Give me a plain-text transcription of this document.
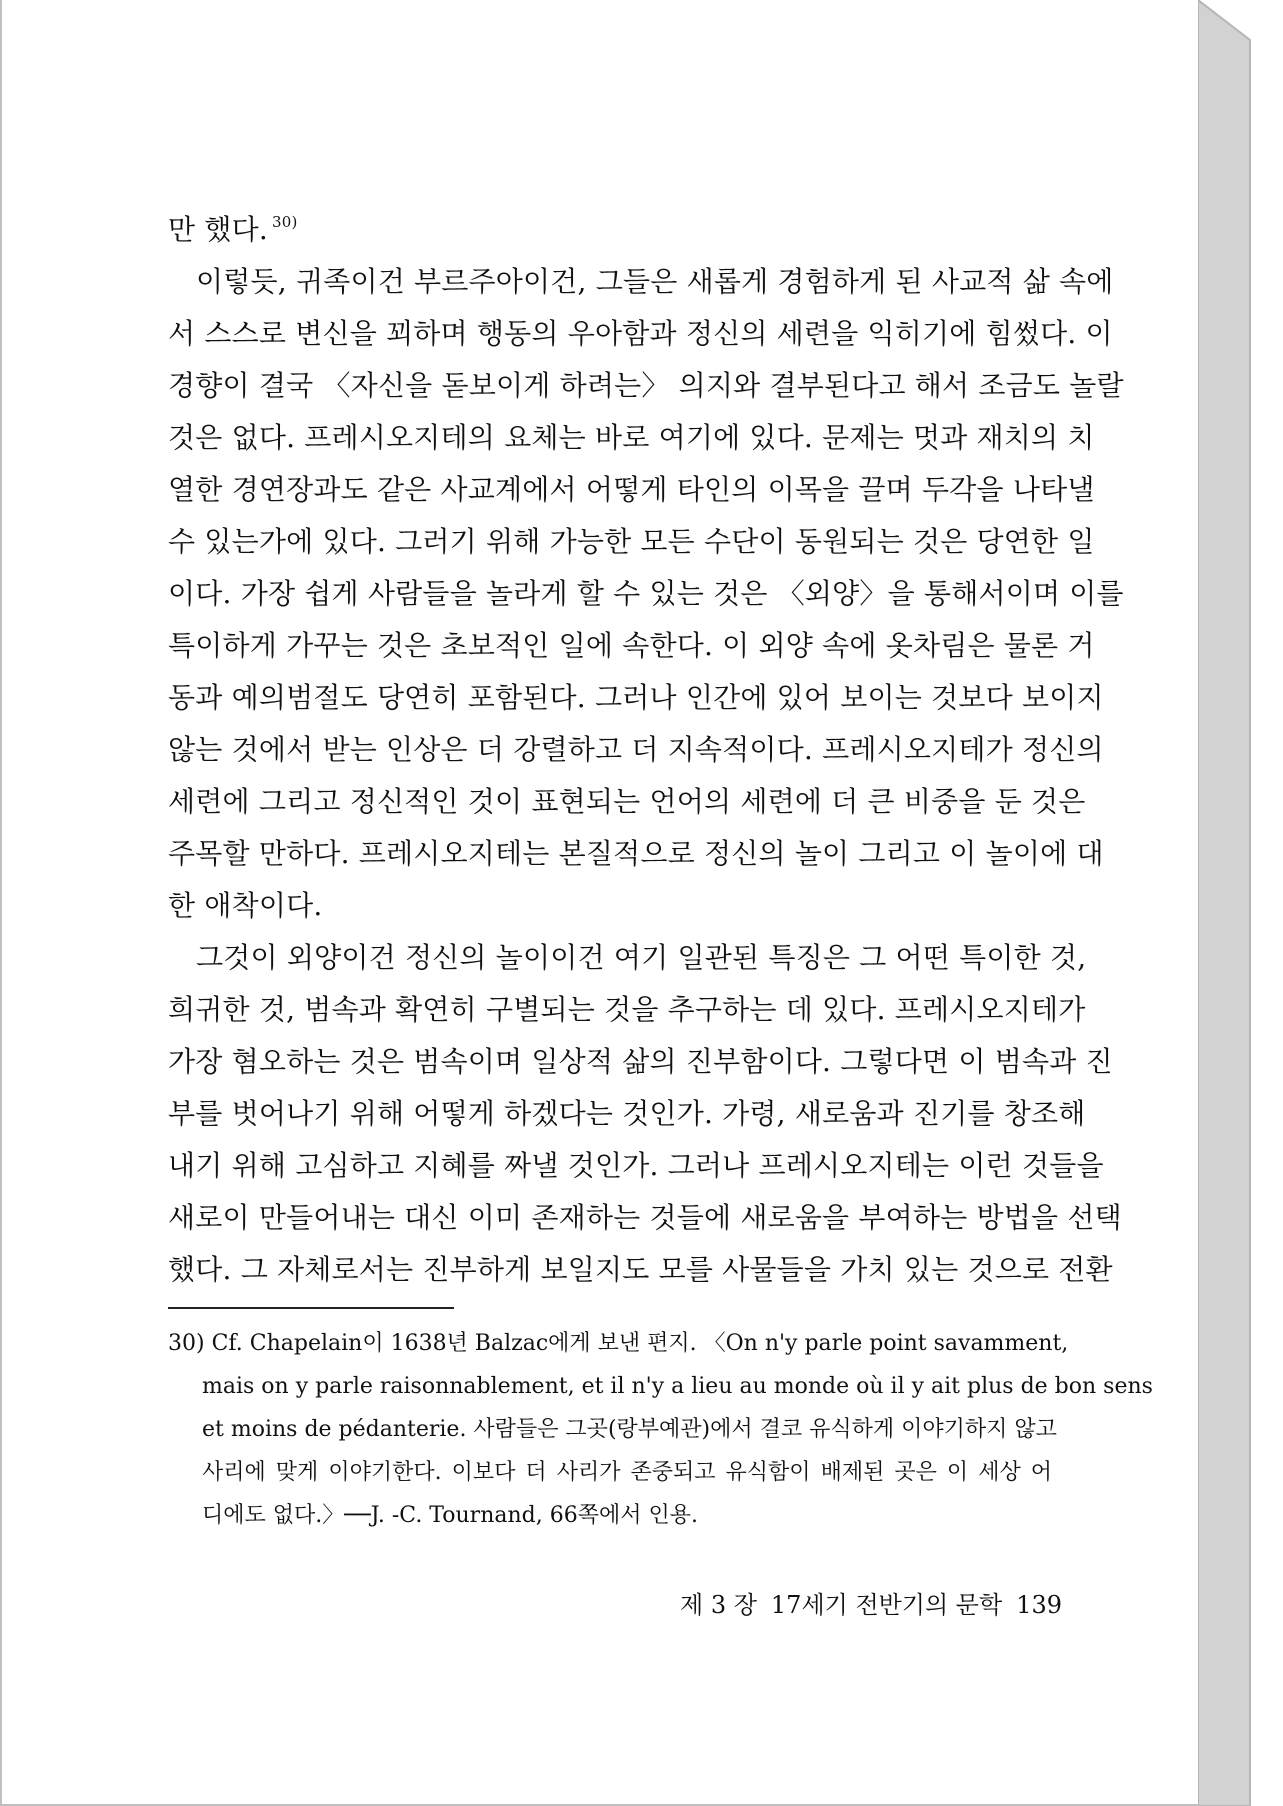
만 했다. $^{30)}$
이렇듯, 귀족이건 부르주아이건, 그들은 새롭게 경험하게 된 사교적 삶 속에
서 스스로 변신을 꾀하며 행동의 우아함과 정신의 세련을 익히기에 힘썼다. 이
경향이 결국 〈자신을 돋보이게 하려는〉 의지와 결부된다고 해서 조금도 놀랄
것은 없다. 프레시오지테의 요체는 바로 여기에 있다. 문제는 멋과 재치의 치
열한 경연장과도 같은 사교계에서 어떻게 타인의 이목을 끌며 두각을 나타낼
수 있는가에 있다. 그러기 위해 가능한 모든 수단이 동원되는 것은 당연한 일
이다. 가장 쉽게 사람들을 놀라게 할 수 있는 것은 〈외양〉을 통해서이며 이를
특이하게 가꾸는 것은 초보적인 일에 속한다. 이 외양 속에 옷차림은 물론 거
동과 예의범절도 당연히 포함된다. 그러나 인간에 있어 보이는 것보다 보이지
않는 것에서 받는 인상은 더 강렬하고 더 지속적이다. 프레시오지테가 정신의
세련에 그리고 정신적인 것이 표현되는 언어의 세련에 더 큰 비중을 둔 것은
주목할 만하다. 프레시오지테는 본질적으로 정신의 놀이 그리고 이 놀이에 대
한 애착이다.
그것이 외양이건 정신의 놀이이건 여기 일관된 특징은 그 어떤 특이한 것,
희귀한 것, 범속과 확연히 구별되는 것을 추구하는 데 있다. 프레시오지테가
가장 혐오하는 것은 범속이며 일상적 삶의 진부함이다. 그렇다면 이 범속과 진
부를 벗어나기 위해 어떻게 하겠다는 것인가. 가령, 새로움과 진기를 창조해
내기 위해 고심하고 지혜를 짜낼 것인가. 그러나 프레시오지테는 이런 것들을
새로이 만들어내는 대신 이미 존재하는 것들에 새로움을 부여하는 방법을 선택
했다. 그 자체로서는 진부하게 보일지도 모를 사물들을 가치 있는 것으로 전환
30) Cf. Chapelain이 1638년 Balzac에게 보낸 편지. 〈On n'y parle point savamment,
mais on y parle raisonnablement, et il n'y a lieu au monde où il y ait plus de bon sens
et moins de pédanterie. 사람들은 그곳(랑부예관)에서 결코 유식하게 이야기하지 않고
사리에 맞게 이야기한다. 이보다 더 사리가 존중되고 유식함이 배제된 곳은 이 세상 어
디에도 없다.〉──J. -C. Tournand, 66쪽에서 인용.
제 3 장 17세기 전반기의 문학 139
